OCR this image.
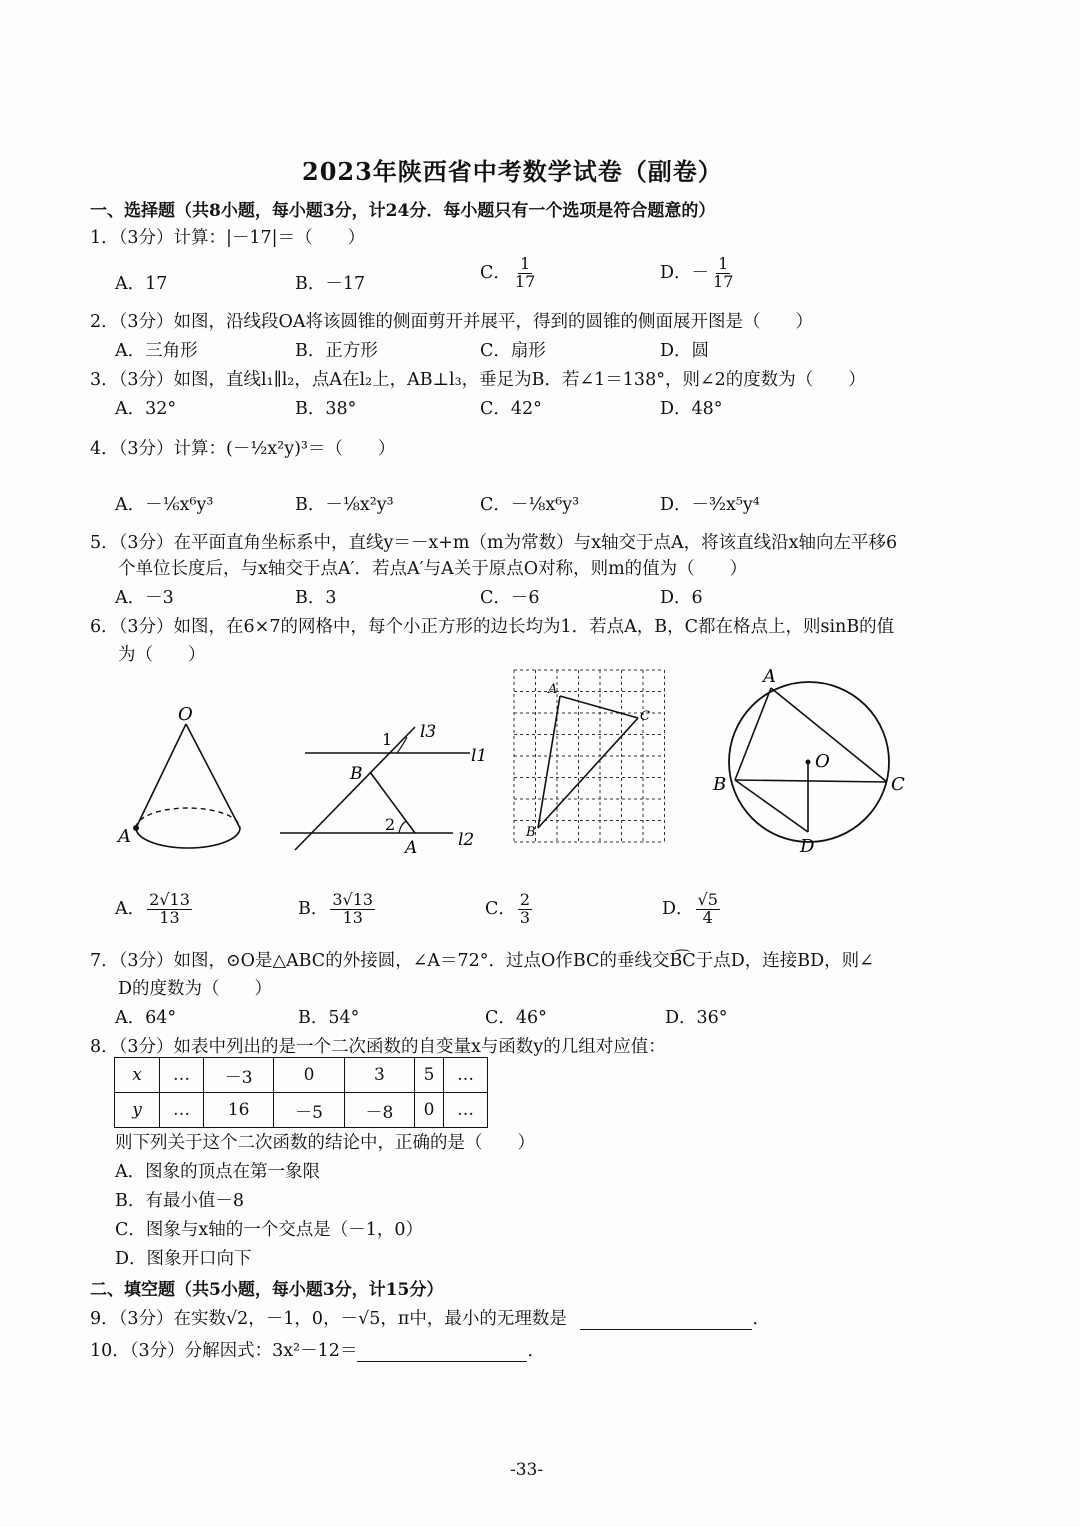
2023年陕西省中考数学试卷（副卷）
一、选择题（共8小题，每小题3分，计24分．每小题只有一个选项是符合题意的）
1．（3分）计算：|－17|＝（　　）
A．17	B．－17
C． $\frac{1}{17}$	D．－ $\frac{1}{17}$
2．（3分）如图，沿线段OA将该圆锥的侧面剪开并展平，得到的圆锥的侧面展开图是（　　）
A．三角形	B．正方形	C．扇形	D．圆
3．（3分）如图，直线l₁∥l₂，点A在l₂上，AB⊥l₃，垂足为B．若∠1＝138°，则∠2的度数为（　　）
A．32°	B．38°	C．42°	D．48°
4．（3分）计算：(－½x²y)³＝（　　）
A．－⅙x⁶y³	B．－⅛x²y³	C．－⅛x⁶y³	D．－³⁄₂x⁵y⁴
5．（3分）在平面直角坐标系中，直线y＝－x+m（m为常数）与x轴交于点A，将该直线沿x轴向左平移6
个单位长度后，与x轴交于点A′．若点A′与A关于原点O对称，则m的值为（　　）
A．－3	B．3	C．－6	D．6
6．（3分）如图，在6×7的网格中，每个小正方形的边长均为1．若点A，B，C都在格点上，则sinB的值
为（　　）
O
A
1
2
l3
l1
l2
B
A
A
C
B
A
O
B	C
D
A． $\frac{2√13}{13}$	B． $\frac{3√13}{13}$	C． $\frac{2}{3}$	D． $\frac{√5}{4}$
7．（3分）如图，⊙O是△ABC的外接圆，∠A＝72°．过点O作BC的垂线交B͡C于点D，连接BD，则∠
D的度数为（　　）
A．64°	B．54°	C．46°	D．36°
8．（3分）如表中列出的是一个二次函数的自变量x与函数y的几组对应值：
x	…	－3	0	3	5	…
y	…	16	－5	－8	0	…
则下列关于这个二次函数的结论中，正确的是（　　）
A．图象的顶点在第一象限
B．有最小值－8
C．图象与x轴的一个交点是（－1，0）
D．图象开口向下
二、填空题（共5小题，每小题3分，计15分）
9．（3分）在实数√2，－1，0，－√5，π中，最小的无理数是	．
10．（3分）分解因式：3x²－12＝	．
-33-
